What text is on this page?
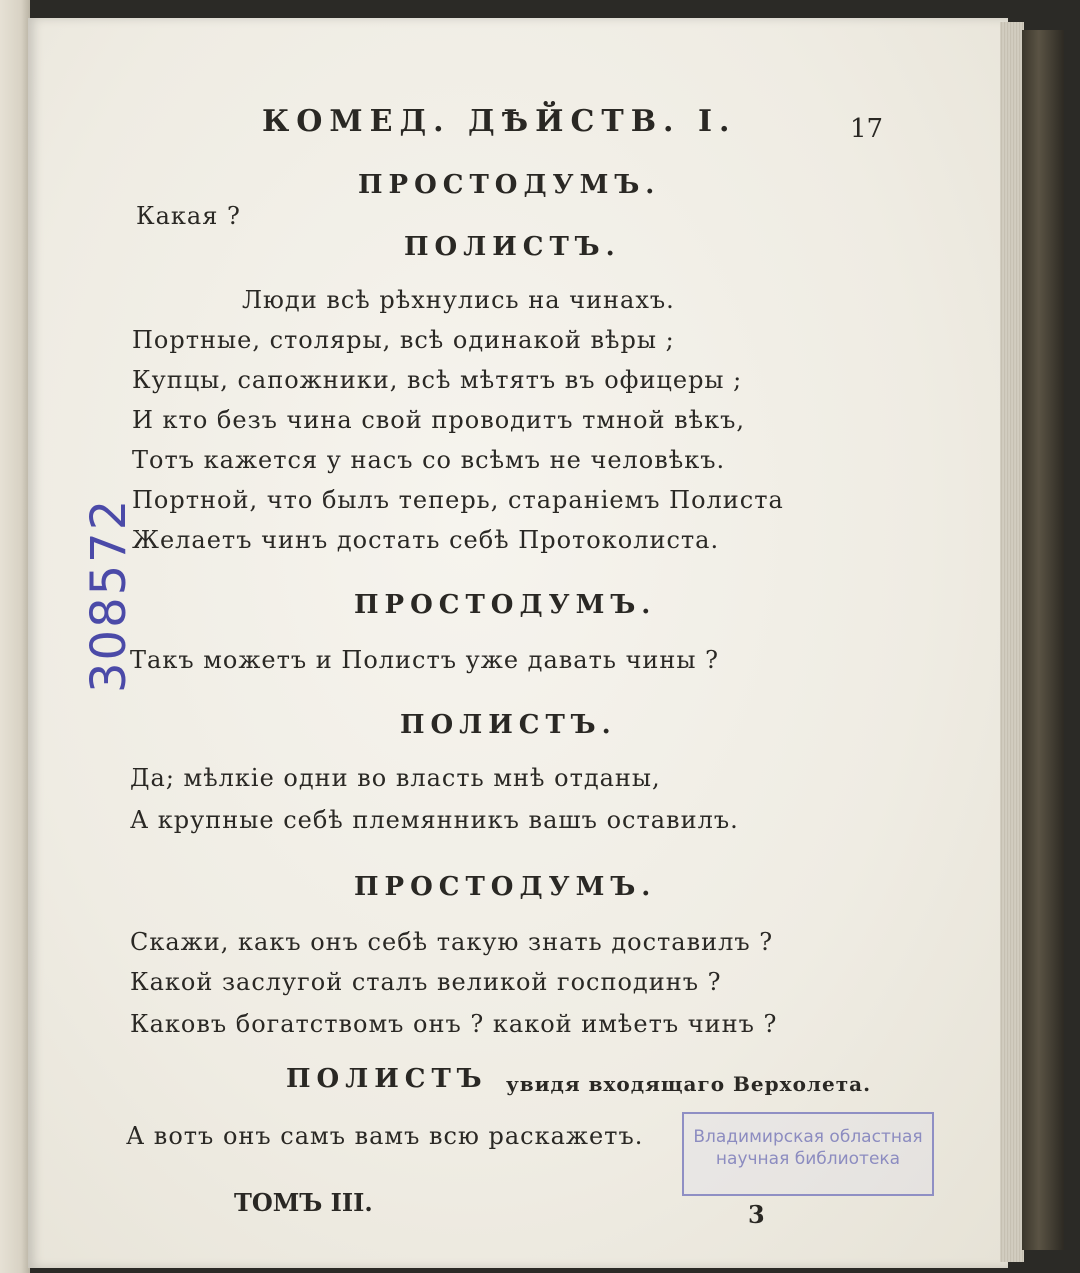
КОМЕД. ДѢЙСТВ. I.	17
ПРОСТОДУМЪ.
Какая ?
ПОЛИСТЪ.
Люди всѣ рѣхнулись на чинахъ.
Портные, столяры, всѣ одинакой вѣры ;
Купцы, сапожники, всѣ мѣтятъ въ офицеры ;
И кто безъ чина свой проводитъ тмной вѣкъ,
Тотъ кажется у насъ со всѣмъ не человѣкъ.
Портной, что былъ теперь, стараніемъ Полиста
Желаетъ чинъ достать себѣ Протоколиста.
ПРОСТОДУМЪ.
Такъ можетъ и Полистъ уже давать чины ?
ПОЛИСТЪ.
Да; мѣлкіе одни во власть мнѣ отданы,
А крупные себѣ племянникъ вашъ оставилъ.
ПРОСТОДУМЪ.
Скажи, какъ онъ себѣ такую знать доставилъ ?
Какой заслугой сталъ великой господинъ ?
Каковъ богатствомъ онъ ? какой имѣетъ чинъ ?
ПОЛИСТЪ увидя входящаго Верхолета.
А вотъ онъ самъ вамъ всю раскажетъ.
ТОМЪ III.	3
308572
Владимирская областная
научная библиотека
